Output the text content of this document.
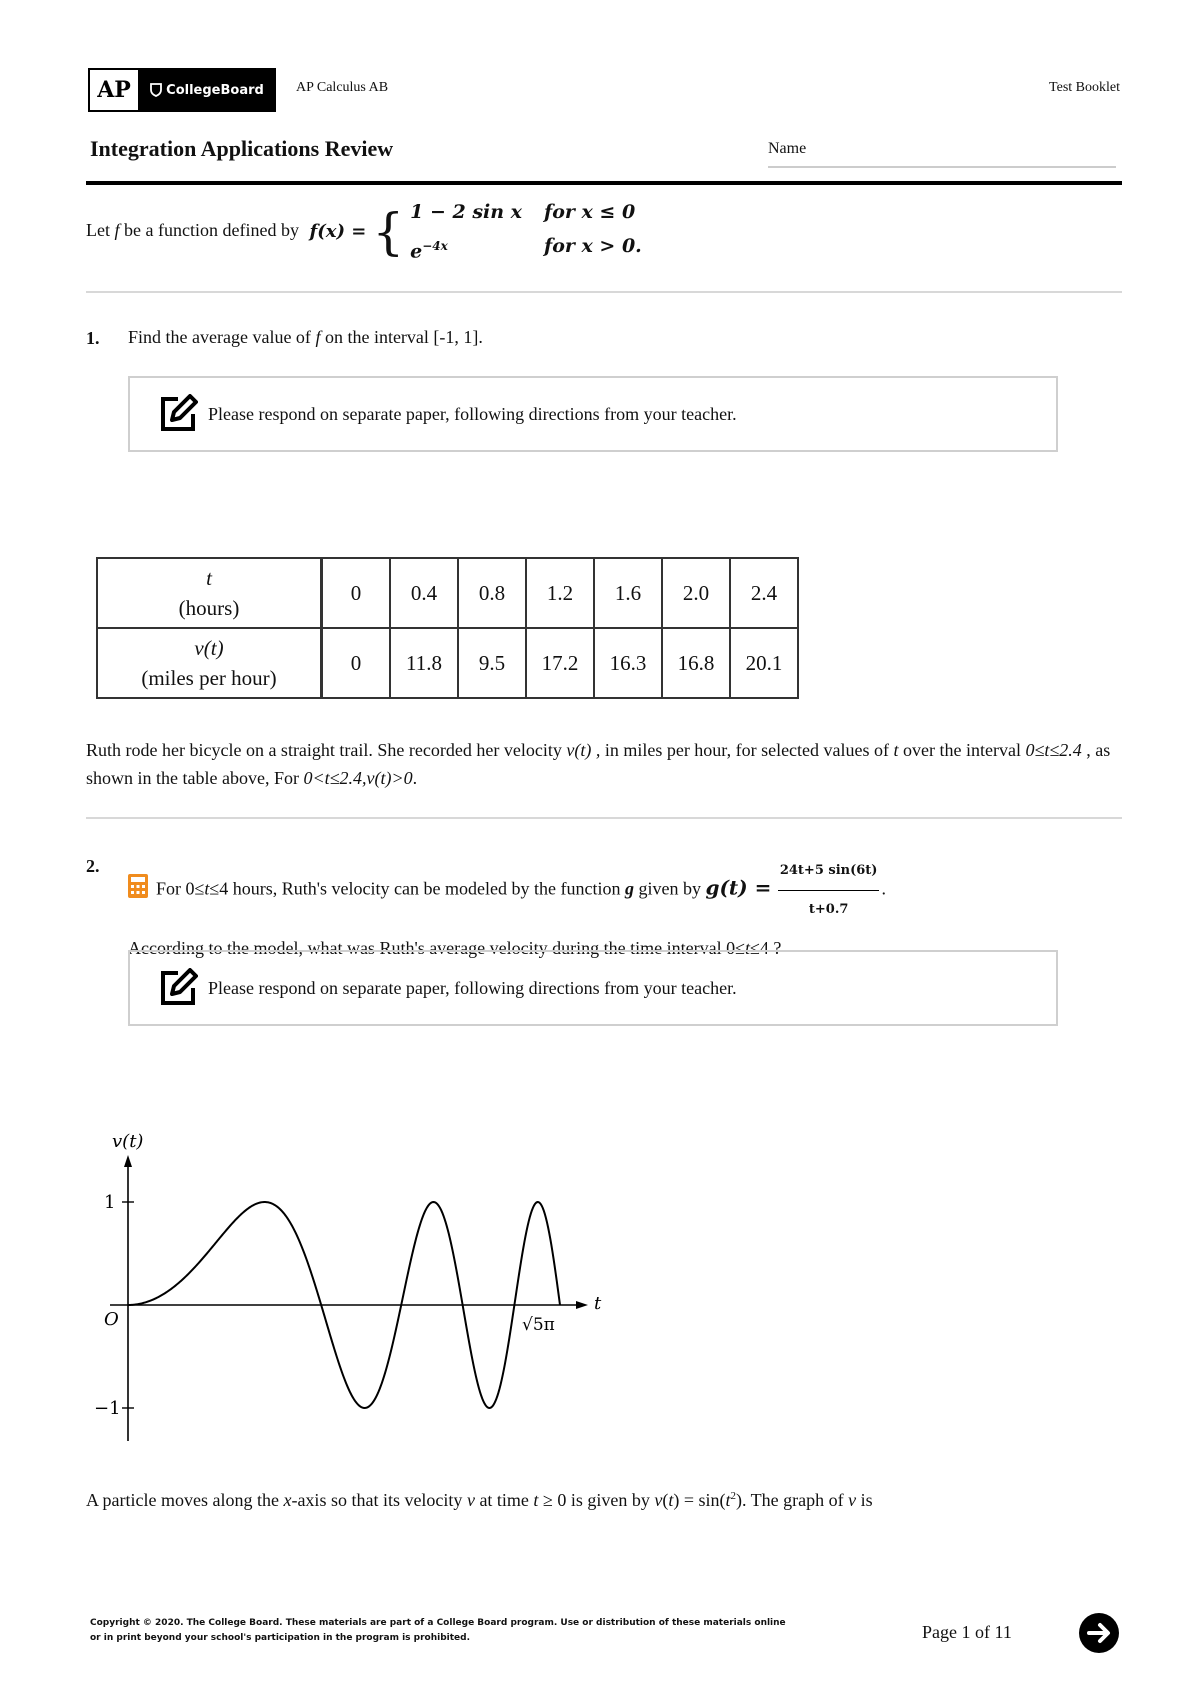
AP	CollegeBoard AP Calculus AB	Test Booklet
Integration Applications Review	Name
Let f be a function defined by f(x) = { 1 − 2 sin x for x ≤ 0
$e^{-4x}$	for x > 0.
1. Find the average value of f on the interval [-1, 1].
Please respond on separate paper, following directions from your teacher.
t
(hours)	0	0.4	0.8	1.2	1.6	2.0	2.4
v(t)
(miles per hour)	0	11.8	9.5	17.2	16.3	16.8	20.1
Ruth rode her bicycle on a straight trail. She recorded her velocity v(t) , in miles per hour, for selected values of t over the interval 0≤t≤2.4 , as shown in the table above, For 0<t≤2.4,v(t)>0.
2.
For 0≤t≤4 hours, Ruth's velocity can be modeled by the function g given by $g(t) = \frac{24t+5 \sin(6t)}{t+0.7}$ .
According to the model, what was Ruth's average velocity during the time interval 0≤t≤4 ?
Please respond on separate paper, following directions from your teacher.
v(t)
t
O
1
−1
√5π
A particle moves along the x-axis so that its velocity v at time t ≥ 0 is given by $v(t) = \sin(t^2)$. The graph of v is
Copyright © 2020. The College Board. These materials are part of a College Board program. Use or distribution of these materials online or in print beyond your school's participation in the program is prohibited.	Page 1 of 11
